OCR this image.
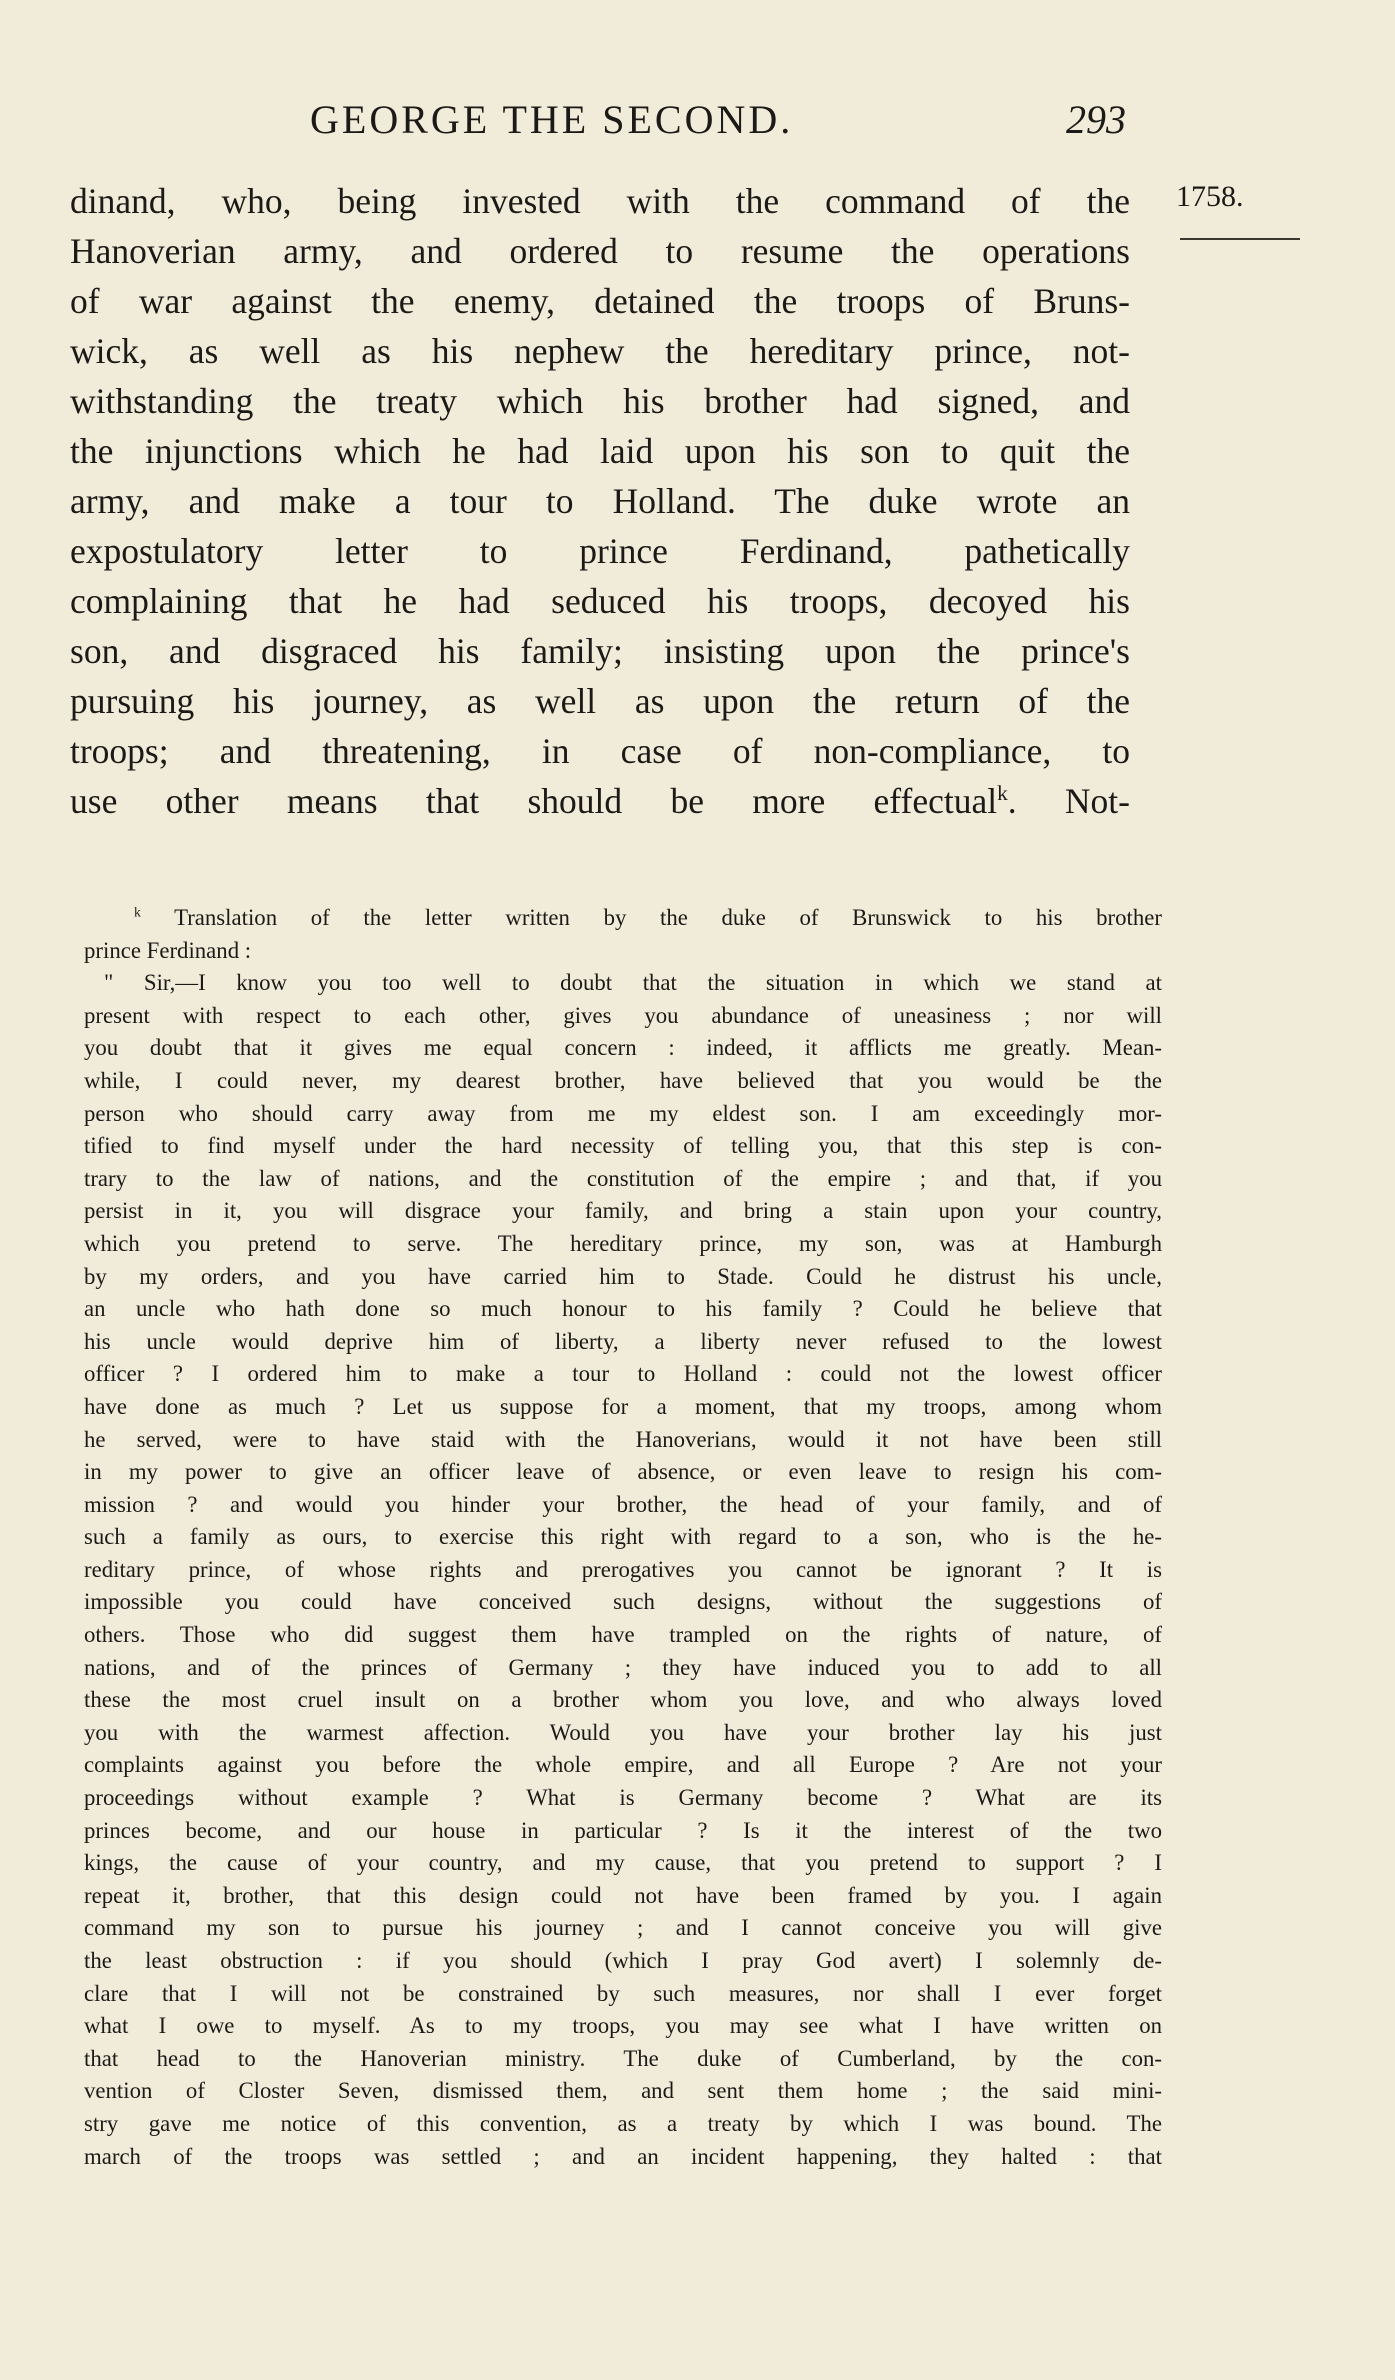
GEORGE THE SECOND.	293
1758.
dinand, who, being invested with the command of the
Hanoverian army, and ordered to resume the operations
of war against the enemy, detained the troops of Bruns-
wick, as well as his nephew the hereditary prince, not-
withstanding the treaty which his brother had signed, and
the injunctions which he had laid upon his son to quit the
army, and make a tour to Holland. The duke wrote an
expostulatory letter to prince Ferdinand, pathetically
complaining that he had seduced his troops, decoyed his
son, and disgraced his family; insisting upon the prince's
pursuing his journey, as well as upon the return of the
troops; and threatening, in case of non-compliance, to
use other means that should be more effectual$^k$. Not-
$^k$ Translation of the letter written by the duke of Brunswick to his brother
prince Ferdinand :
" Sir,—I know you too well to doubt that the situation in which we stand at
present with respect to each other, gives you abundance of uneasiness ; nor will
you doubt that it gives me equal concern : indeed, it afflicts me greatly. Mean-
while, I could never, my dearest brother, have believed that you would be the
person who should carry away from me my eldest son. I am exceedingly mor-
tified to find myself under the hard necessity of telling you, that this step is con-
trary to the law of nations, and the constitution of the empire ; and that, if you
persist in it, you will disgrace your family, and bring a stain upon your country,
which you pretend to serve. The hereditary prince, my son, was at Hamburgh
by my orders, and you have carried him to Stade. Could he distrust his uncle,
an uncle who hath done so much honour to his family ? Could he believe that
his uncle would deprive him of liberty, a liberty never refused to the lowest
officer ? I ordered him to make a tour to Holland : could not the lowest officer
have done as much ? Let us suppose for a moment, that my troops, among whom
he served, were to have staid with the Hanoverians, would it not have been still
in my power to give an officer leave of absence, or even leave to resign his com-
mission ? and would you hinder your brother, the head of your family, and of
such a family as ours, to exercise this right with regard to a son, who is the he-
reditary prince, of whose rights and prerogatives you cannot be ignorant ? It is
impossible you could have conceived such designs, without the suggestions of
others. Those who did suggest them have trampled on the rights of nature, of
nations, and of the princes of Germany ; they have induced you to add to all
these the most cruel insult on a brother whom you love, and who always loved
you with the warmest affection. Would you have your brother lay his just
complaints against you before the whole empire, and all Europe ? Are not your
proceedings without example ? What is Germany become ? What are its
princes become, and our house in particular ? Is it the interest of the two
kings, the cause of your country, and my cause, that you pretend to support ? I
repeat it, brother, that this design could not have been framed by you. I again
command my son to pursue his journey ; and I cannot conceive you will give
the least obstruction : if you should (which I pray God avert) I solemnly de-
clare that I will not be constrained by such measures, nor shall I ever forget
what I owe to myself. As to my troops, you may see what I have written on
that head to the Hanoverian ministry. The duke of Cumberland, by the con-
vention of Closter Seven, dismissed them, and sent them home ; the said mini-
stry gave me notice of this convention, as a treaty by which I was bound. The
march of the troops was settled ; and an incident happening, they halted : that
